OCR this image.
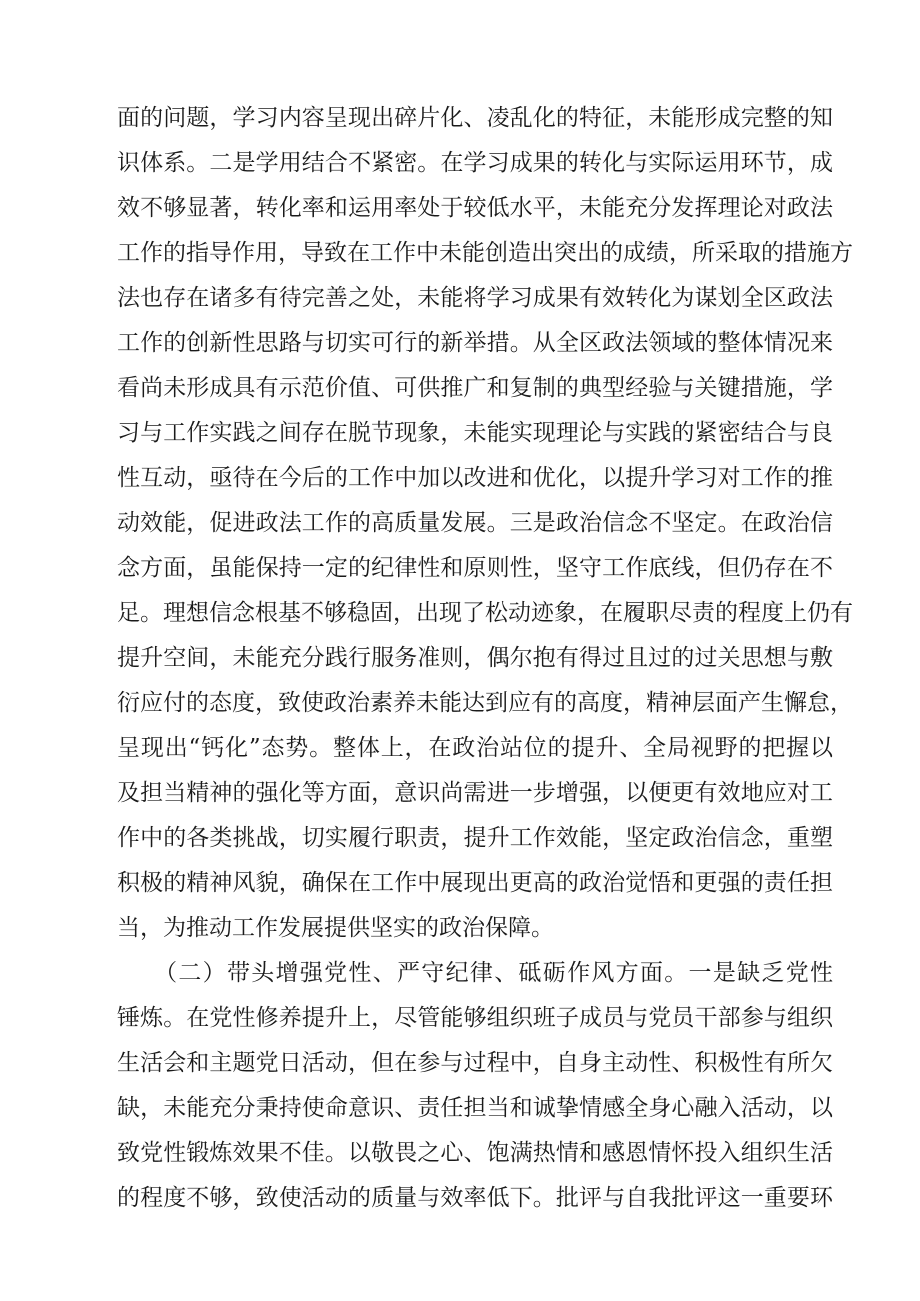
面的问题，学习内容呈现出碎片化、凌乱化的特征，未能形成完整的知
识体系。二是学用结合不紧密。在学习成果的转化与实际运用环节，成
效不够显著，转化率和运用率处于较低水平，未能充分发挥理论对政法
工作的指导作用，导致在工作中未能创造出突出的成绩，所采取的措施方
法也存在诸多有待完善之处，未能将学习成果有效转化为谋划全区政法
工作的创新性思路与切实可行的新举措。从全区政法领域的整体情况来
看尚未形成具有示范价值、可供推广和复制的典型经验与关键措施，学
习与工作实践之间存在脱节现象，未能实现理论与实践的紧密结合与良
性互动，亟待在今后的工作中加以改进和优化，以提升学习对工作的推
动效能，促进政法工作的高质量发展。三是政治信念不坚定。在政治信
念方面，虽能保持一定的纪律性和原则性，坚守工作底线，但仍存在不
足。理想信念根基不够稳固，出现了松动迹象，在履职尽责的程度上仍有
提升空间，未能充分践行服务准则，偶尔抱有得过且过的过关思想与敷
衍应付的态度，致使政治素养未能达到应有的高度，精神层面产生懈怠，
呈现出“钙化”态势。整体上，在政治站位的提升、全局视野的把握以
及担当精神的强化等方面，意识尚需进一步增强，以便更有效地应对工
作中的各类挑战，切实履行职责，提升工作效能，坚定政治信念，重塑
积极的精神风貌，确保在工作中展现出更高的政治觉悟和更强的责任担
当，为推动工作发展提供坚实的政治保障。
　　（二）带头增强党性、严守纪律、砥砺作风方面。一是缺乏党性
锤炼。在党性修养提升上，尽管能够组织班子成员与党员干部参与组织
生活会和主题党日活动，但在参与过程中，自身主动性、积极性有所欠
缺，未能充分秉持使命意识、责任担当和诚挚情感全身心融入活动，以
致党性锻炼效果不佳。以敬畏之心、饱满热情和感恩情怀投入组织生活
的程度不够，致使活动的质量与效率低下。批评与自我批评这一重要环
